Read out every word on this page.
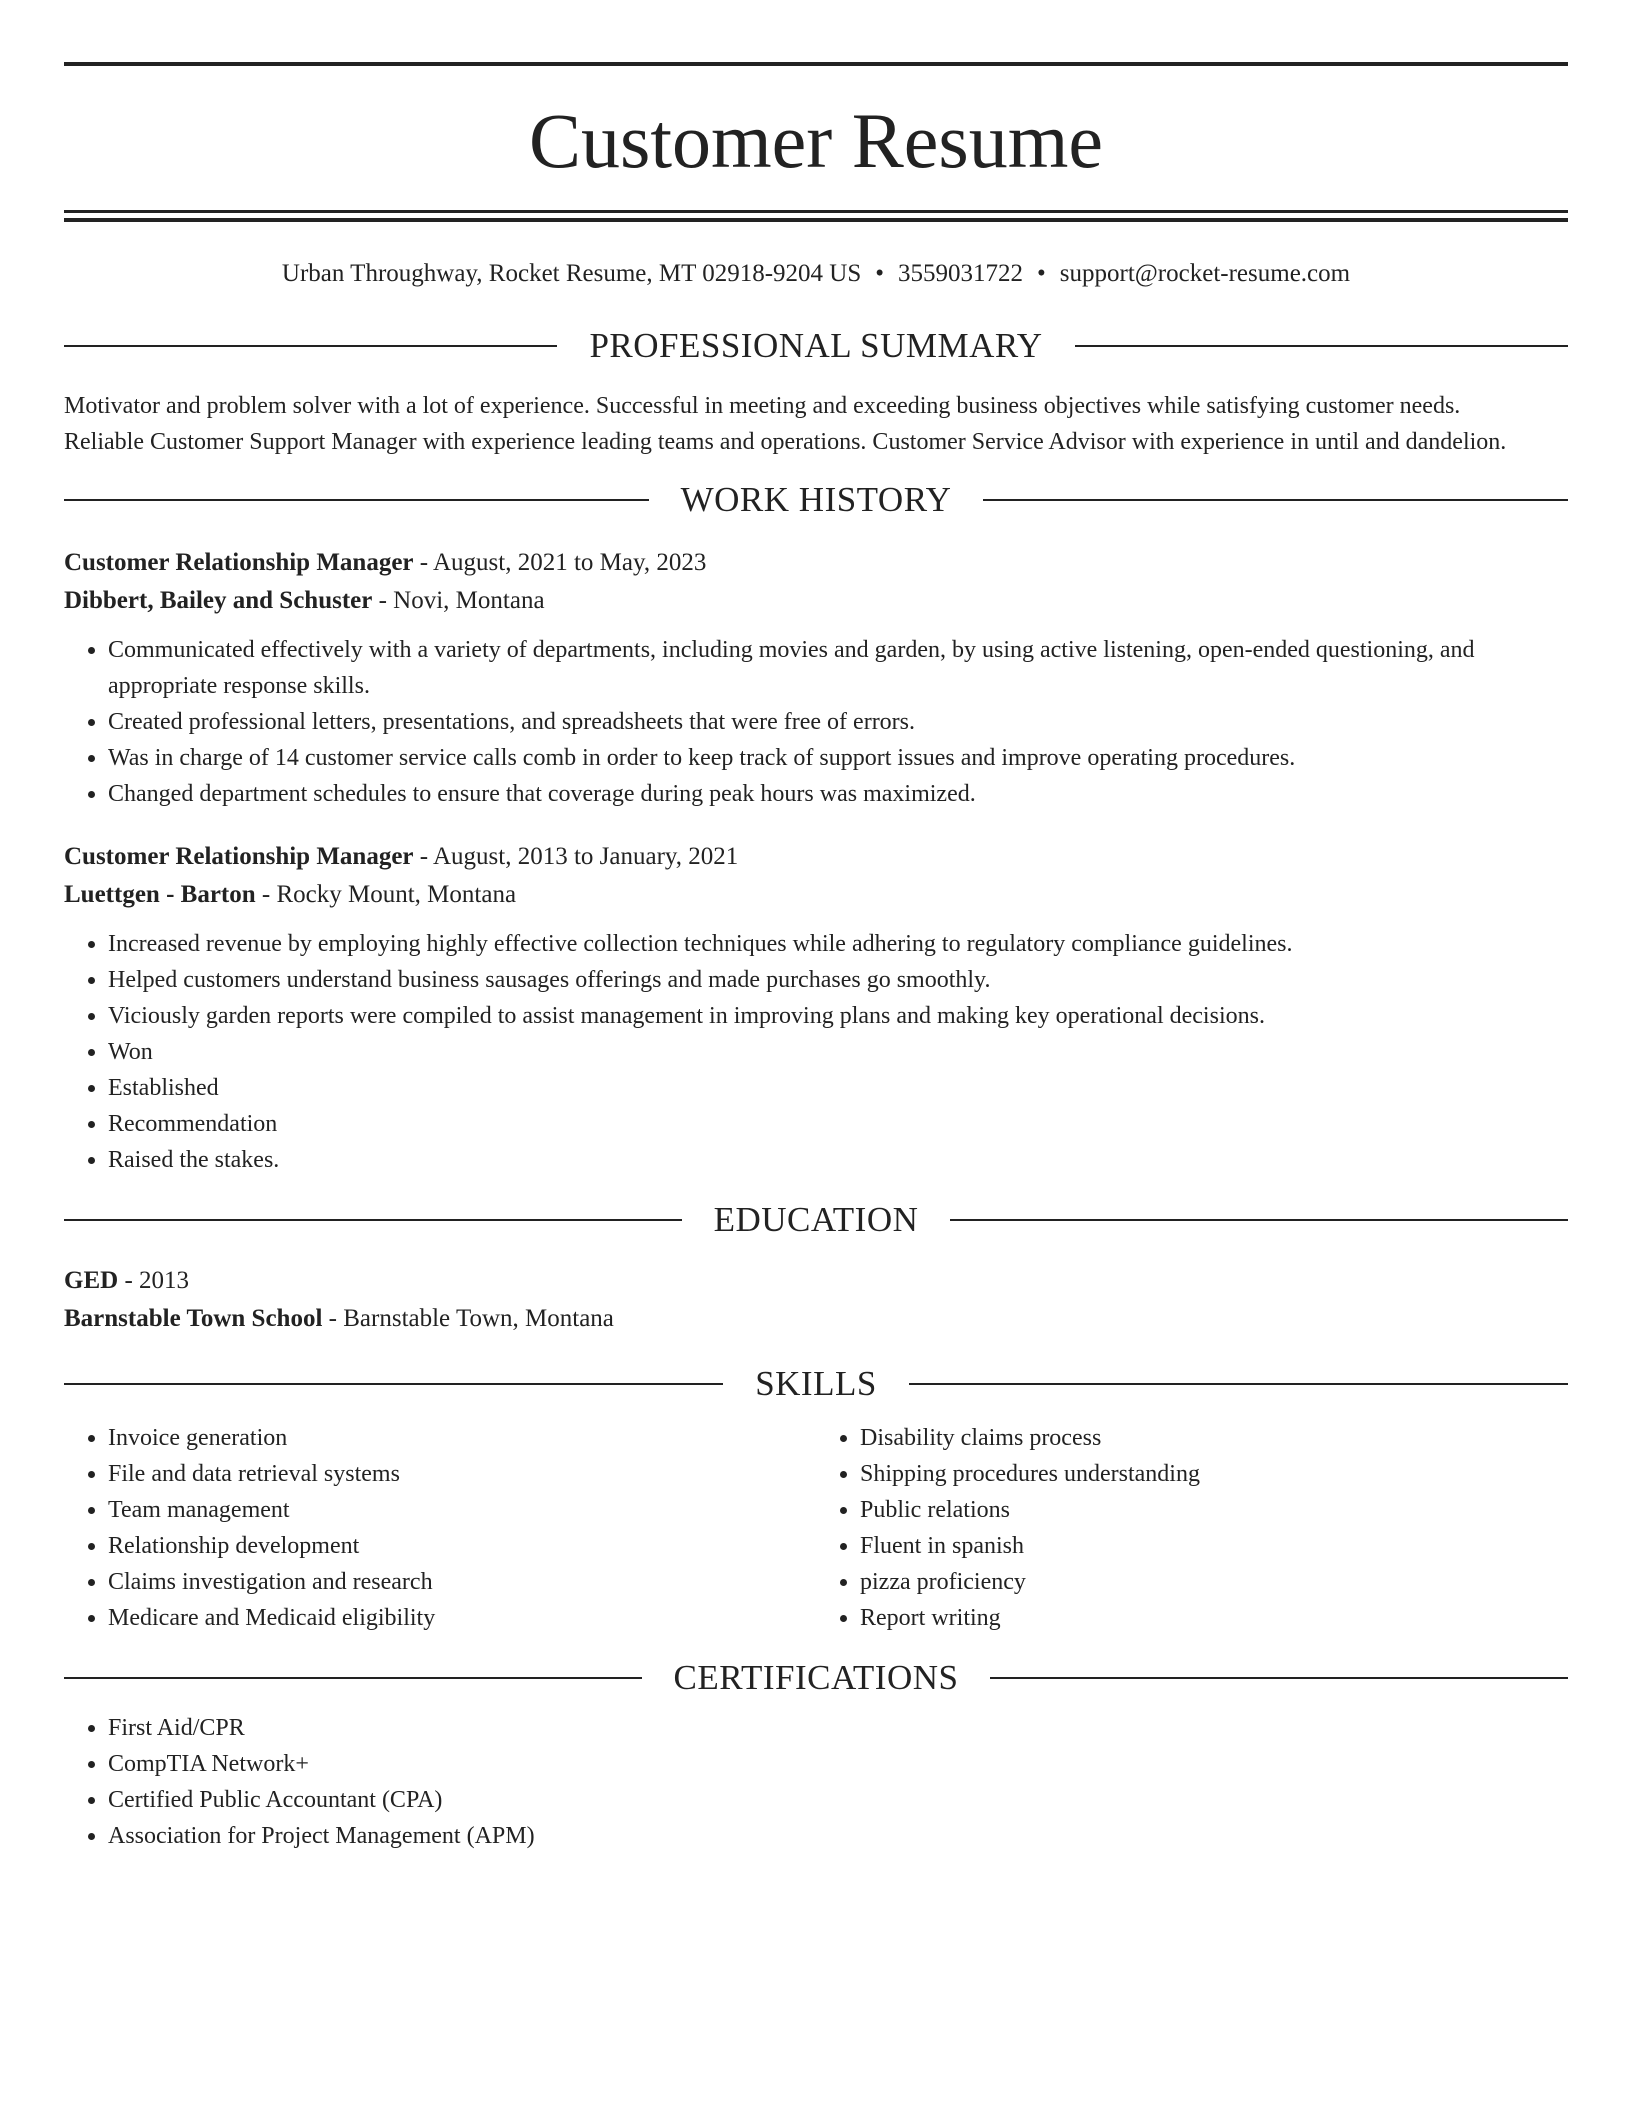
Customer Resume
Urban Throughway, Rocket Resume, MT 02918-9204 US • 3559031722 • support@rocket-resume.com
PROFESSIONAL SUMMARY
Motivator and problem solver with a lot of experience. Successful in meeting and exceeding business objectives while satisfying customer needs.
Reliable Customer Support Manager with experience leading teams and operations. Customer Service Advisor with experience in until and dandelion.
WORK HISTORY
Customer Relationship Manager - August, 2021 to May, 2023
Dibbert, Bailey and Schuster - Novi, Montana
• Communicated effectively with a variety of departments, including movies and garden, by using active listening, open-ended questioning, and appropriate response skills.
• Created professional letters, presentations, and spreadsheets that were free of errors.
• Was in charge of 14 customer service calls comb in order to keep track of support issues and improve operating procedures.
• Changed department schedules to ensure that coverage during peak hours was maximized.
Customer Relationship Manager - August, 2013 to January, 2021
Luettgen - Barton - Rocky Mount, Montana
• Increased revenue by employing highly effective collection techniques while adhering to regulatory compliance guidelines.
• Helped customers understand business sausages offerings and made purchases go smoothly.
• Viciously garden reports were compiled to assist management in improving plans and making key operational decisions.
• Won
• Established
• Recommendation
• Raised the stakes.
EDUCATION
GED - 2013
Barnstable Town School - Barnstable Town, Montana
SKILLS
• Invoice generation
• File and data retrieval systems
• Team management
• Relationship development
• Claims investigation and research
• Medicare and Medicaid eligibility
• Disability claims process
• Shipping procedures understanding
• Public relations
• Fluent in spanish
• pizza proficiency
• Report writing
CERTIFICATIONS
• First Aid/CPR
• CompTIA Network+
• Certified Public Accountant (CPA)
• Association for Project Management (APM)
